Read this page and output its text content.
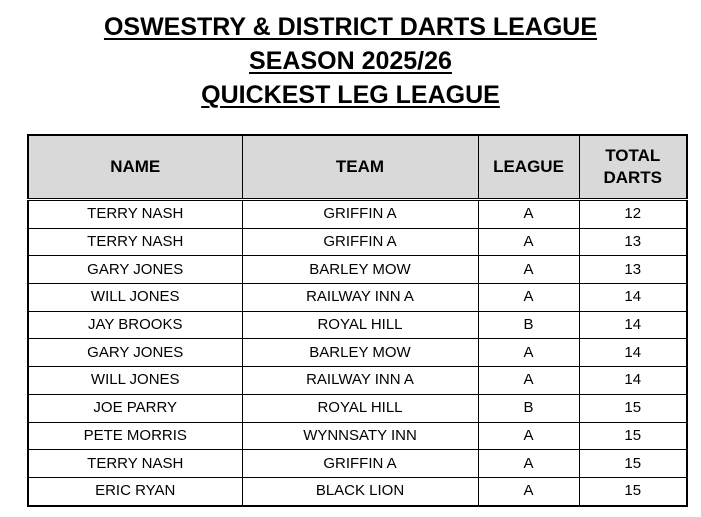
OSWESTRY & DISTRICT DARTS LEAGUE
SEASON 2025/26
QUICKEST LEG LEAGUE
NAME	TEAM	LEAGUE	TOTAL
DARTS
TERRY NASH	GRIFFIN A	A	12
TERRY NASH	GRIFFIN A	A	13
GARY JONES	BARLEY MOW	A	13
WILL JONES	RAILWAY INN A	A	14
JAY BROOKS	ROYAL HILL	B	14
GARY JONES	BARLEY MOW	A	14
WILL JONES	RAILWAY INN A	A	14
JOE PARRY	ROYAL HILL	B	15
PETE MORRIS	WYNNSATY INN	A	15
TERRY NASH	GRIFFIN A	A	15
ERIC RYAN	BLACK LION	A	15
